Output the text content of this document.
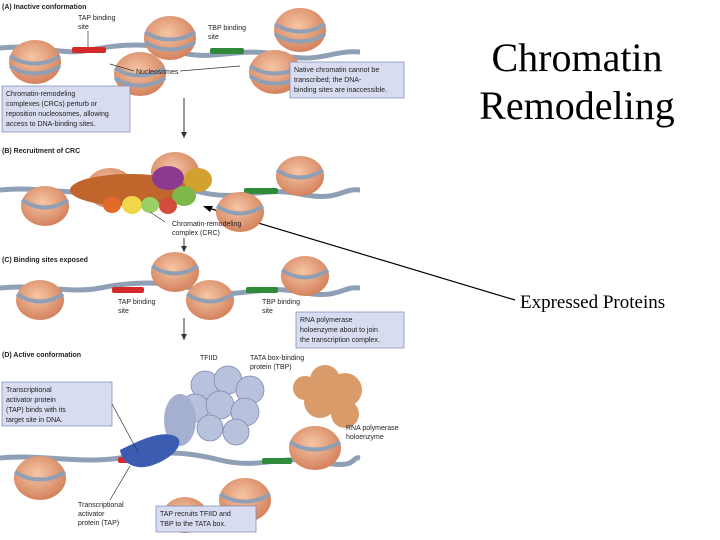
Chromatin
Remodeling
Expressed Proteins
(A) Inactive conformation
TAP binding
site	TBP binding
site
Nucleosomes	Native chromatin cannot be
transcribed; the DNA-
binding sites are inaccessible.
Chromatin-remodeling
complexes (CRCs) perturb or
reposition nucleosomes, allowing
access to DNA-binding sites.
(B) Recruitment of CRC
Chromatin-remodeling
complex (CRC)
(C) Binding sites exposed
TAP binding
site
TBP binding
site
RNA polymerase
holoenzyme about to join
the transcription complex.
(D) Active conformation	TFIID	TATA box-binding
protein (TBP)
RNA polymerase
holoenzyme
Transcriptional
activator protein
(TAP) binds with its
target site in DNA.
Transcriptional
activator
protein (TAP)
TAP recruits TFIID and
TBP to the TATA box.
